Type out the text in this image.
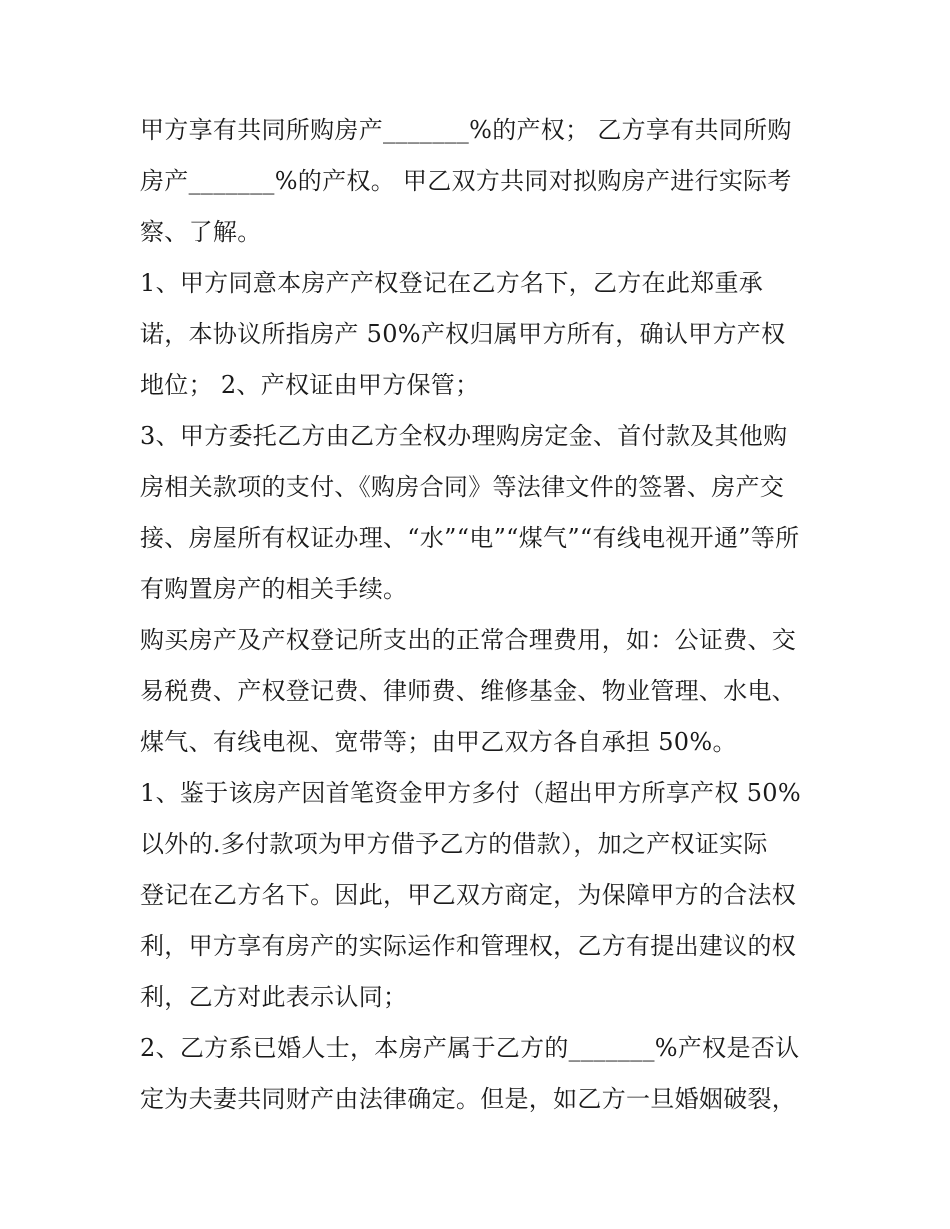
甲方享有共同所购房产_______%的产权； 乙方享有共同所购
房产_______%的产权。 甲乙双方共同对拟购房产进行实际考
察、了解。
1、甲方同意本房产产权登记在乙方名下，乙方在此郑重承
诺，本协议所指房产 50%产权归属甲方所有，确认甲方产权
地位； 2、产权证由甲方保管；
3、甲方委托乙方由乙方全权办理购房定金、首付款及其他购
房相关款项的支付、《购房合同》等法律文件的签署、房产交
接、房屋所有权证办理、“水”“电”“煤气”“有线电视开通”等所
有购置房产的相关手续。
购买房产及产权登记所支出的正常合理费用，如：公证费、交
易税费、产权登记费、律师费、维修基金、物业管理、水电、
煤气、有线电视、宽带等；由甲乙双方各自承担 50%。
1、鉴于该房产因首笔资金甲方多付（超出甲方所享产权 50%
以外的.多付款项为甲方借予乙方的借款），加之产权证实际
登记在乙方名下。因此，甲乙双方商定，为保障甲方的合法权
利，甲方享有房产的实际运作和管理权，乙方有提出建议的权
利，乙方对此表示认同；
2、乙方系已婚人士，本房产属于乙方的_______%产权是否认
定为夫妻共同财产由法律确定。但是，如乙方一旦婚姻破裂，
